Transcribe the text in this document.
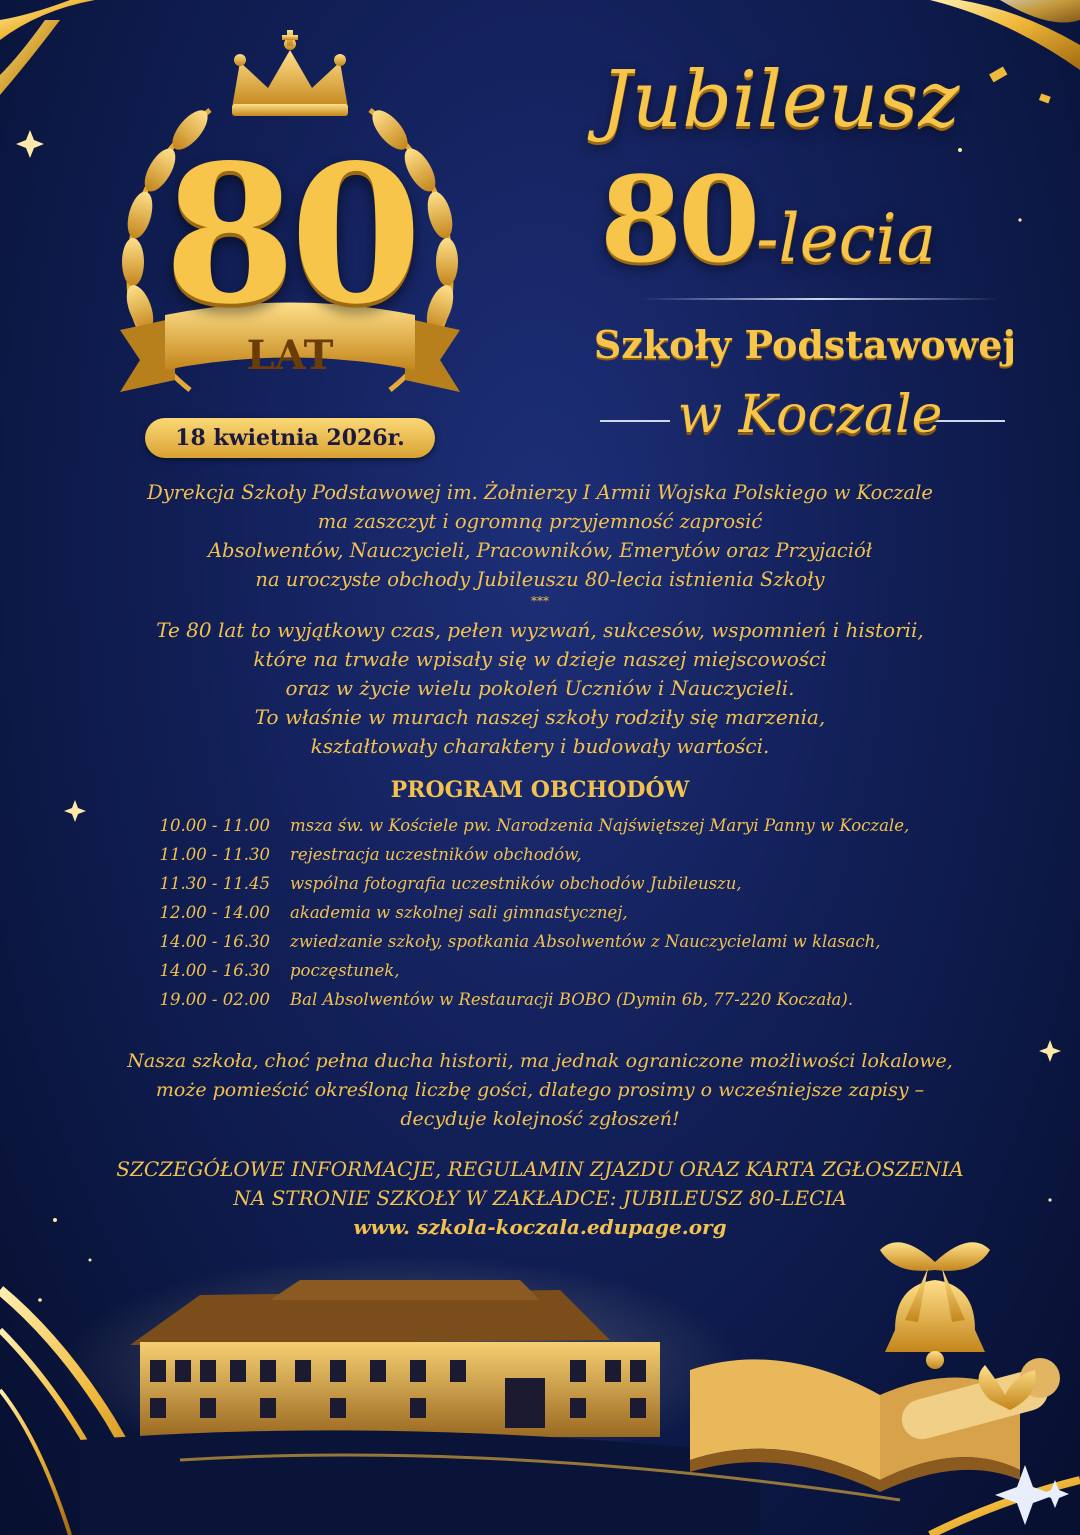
80
LAT
18 kwietnia 2026r.
Jubileusz
80-lecia
Szkoły Podstawowej
w Koczale
Dyrekcja Szkoły Podstawowej im. Żołnierzy I Armii Wojska Polskiego w Koczale
ma zaszczyt i ogromną przyjemność zaprosić
Absolwentów, Nauczycieli, Pracowników, Emerytów oraz Przyjaciół
na uroczyste obchody Jubileuszu 80-lecia istnienia Szkoły
***
Te 80 lat to wyjątkowy czas, pełen wyzwań, sukcesów, wspomnień i historii,
które na trwałe wpisały się w dzieje naszej miejscowości
oraz w życie wielu pokoleń Uczniów i Nauczycieli.
To właśnie w murach naszej szkoły rodziły się marzenia,
kształtowały charaktery i budowały wartości.
PROGRAM OBCHODÓW
10.00 - 11.00 msza św. w Kościele pw. Narodzenia Najświętszej Maryi Panny w Koczale,
11.00 - 11.30 rejestracja uczestników obchodów,
11.30 - 11.45 wspólna fotografia uczestników obchodów Jubileuszu,
12.00 - 14.00 akademia w szkolnej sali gimnastycznej,
14.00 - 16.30 zwiedzanie szkoły, spotkania Absolwentów z Nauczycielami w klasach,
14.00 - 16.30 poczęstunek,
19.00 - 02.00 Bal Absolwentów w Restauracji BOBO (Dymin 6b, 77-220 Koczała).
Nasza szkoła, choć pełna ducha historii, ma jednak ograniczone możliwości lokalowe,
może pomieścić określoną liczbę gości, dlatego prosimy o wcześniejsze zapisy –
decyduje kolejność zgłoszeń!
SZCZEGÓŁOWE INFORMACJE, REGULAMIN ZJAZDU ORAZ KARTA ZGŁOSZENIA
NA STRONIE SZKOŁY W ZAKŁADCE: JUBILEUSZ 80-LECIA
www. szkola-koczala.edupage.org
